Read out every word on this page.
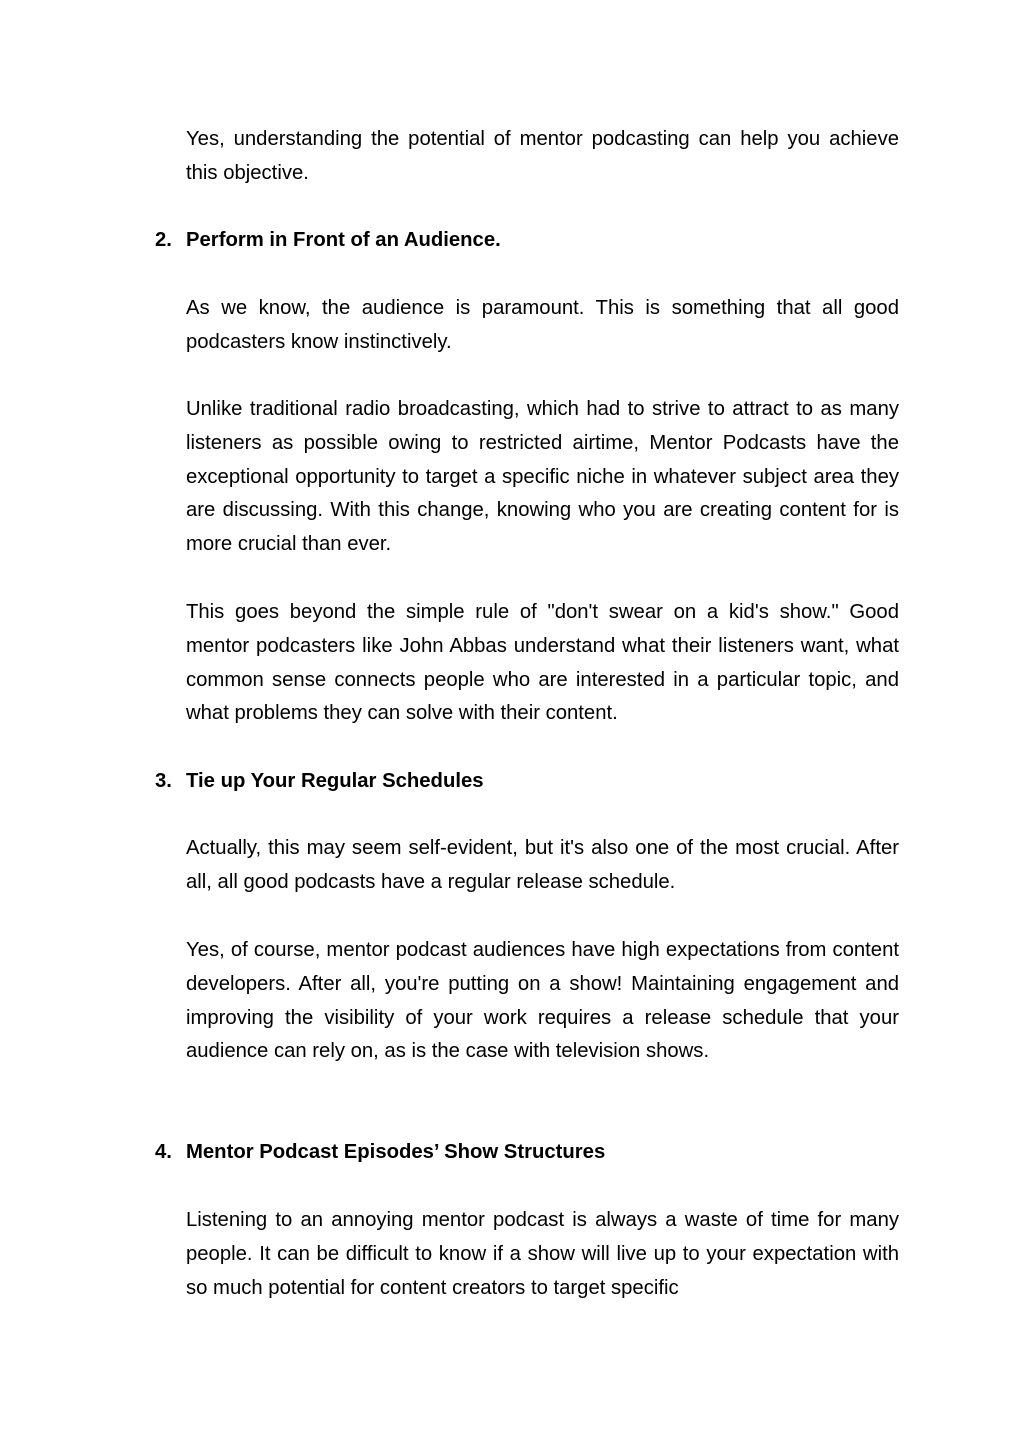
Yes, understanding the potential of mentor podcasting can help you achieve this objective.

2. Perform in Front of an Audience.

As we know, the audience is paramount. This is something that all good podcasters know instinctively.

Unlike traditional radio broadcasting, which had to strive to attract to as many listeners as possible owing to restricted airtime, Mentor Podcasts have the exceptional opportunity to target a specific niche in whatever subject area they are discussing. With this change, knowing who you are creating content for is more crucial than ever.

This goes beyond the simple rule of "don't swear on a kid's show." Good mentor podcasters like John Abbas understand what their listeners want, what common sense connects people who are interested in a particular topic, and what problems they can solve with their content.

3. Tie up Your Regular Schedules

Actually, this may seem self-evident, but it's also one of the most crucial. After all, all good podcasts have a regular release schedule.

Yes, of course, mentor podcast audiences have high expectations from content developers. After all, you're putting on a show! Maintaining engagement and improving the visibility of your work requires a release schedule that your audience can rely on, as is the case with television shows.

4. Mentor Podcast Episodes’ Show Structures

Listening to an annoying mentor podcast is always a waste of time for many people. It can be difficult to know if a show will live up to your expectation with so much potential for content creators to target specific
